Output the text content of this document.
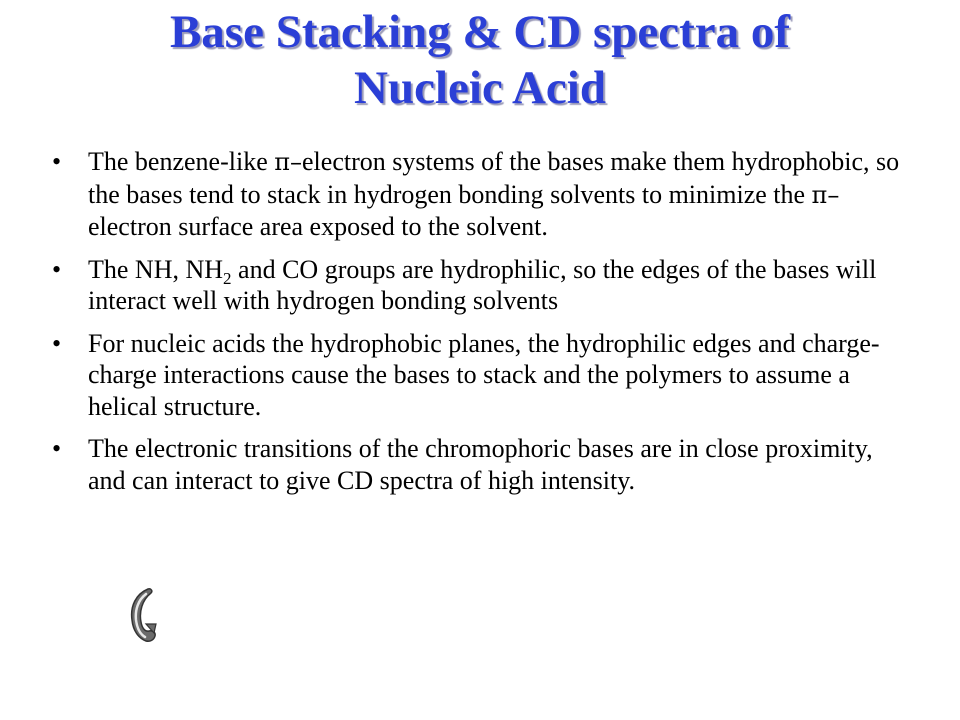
Base Stacking & CD spectra of
Nucleic Acid
• The benzene-like π–electron systems of the bases make them hydrophobic, so the bases tend to stack in hydrogen bonding solvents to minimize the π–electron surface area exposed to the solvent.
• The NH, $NH_2$ and CO groups are hydrophilic, so the edges of the bases will interact well with hydrogen bonding solvents
• For nucleic acids the hydrophobic planes, the hydrophilic edges and charge-charge interactions cause the bases to stack and the polymers to assume a helical structure.
• The electronic transitions of the chromophoric bases are in close proximity, and can interact to give CD spectra of high intensity.
